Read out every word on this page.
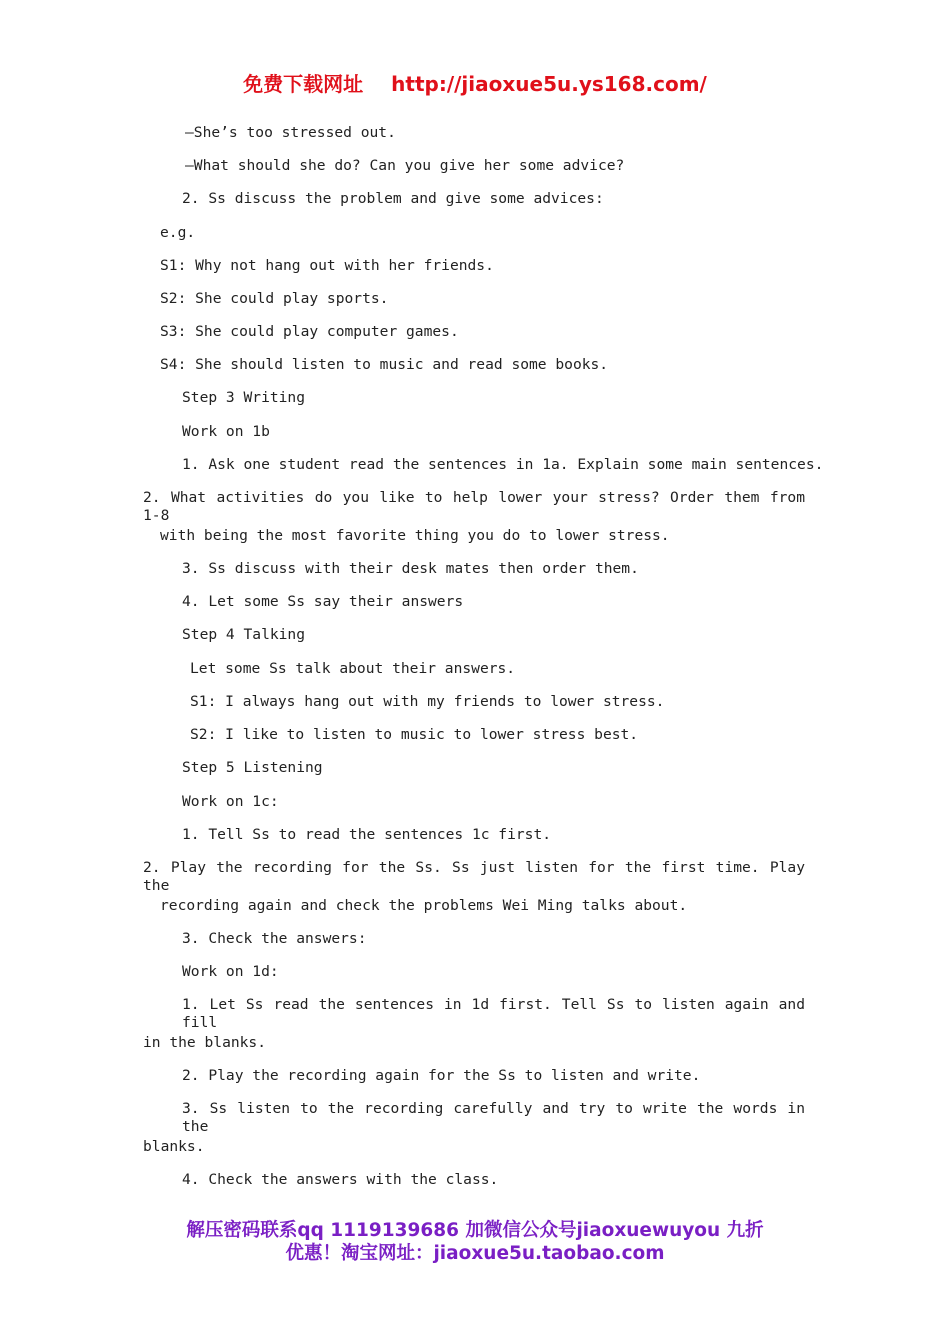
免费下载网址 http://jiaoxue5u.ys168.com/
—She’s too stressed out.
—What should she do? Can you give her some advice?
2. Ss discuss the problem and give some advices:
e.g.
S1: Why not hang out with her friends.
S2: She could play sports.
S3: She could play computer games.
S4: She should listen to music and read some books.
Step 3 Writing
Work on 1b
1. Ask one student read the sentences in 1a. Explain some main sentences.
2. What activities do you like to help lower your stress? Order them from 1-8
with being the most favorite thing you do to lower stress.
3. Ss discuss with their desk mates then order them.
4. Let some Ss say their answers
Step 4 Talking
Let some Ss talk about their answers.
S1: I always hang out with my friends to lower stress.
S2: I like to listen to music to lower stress best.
Step 5 Listening
Work on 1c:
1. Tell Ss to read the sentences 1c first.
2. Play the recording for the Ss. Ss just listen for the first time. Play the
recording again and check the problems Wei Ming talks about.
3. Check the answers:
Work on 1d:
1. Let Ss read the sentences in 1d first. Tell Ss to listen again and fill
in the blanks.
2. Play the recording again for the Ss to listen and write.
3. Ss listen to the recording carefully and try to write the words in the
blanks.
4. Check the answers with the class.
解压密码联系qq 1119139686 加微信公众号jiaoxuewuyou 九折
优惠！淘宝网址：jiaoxue5u.taobao.com
